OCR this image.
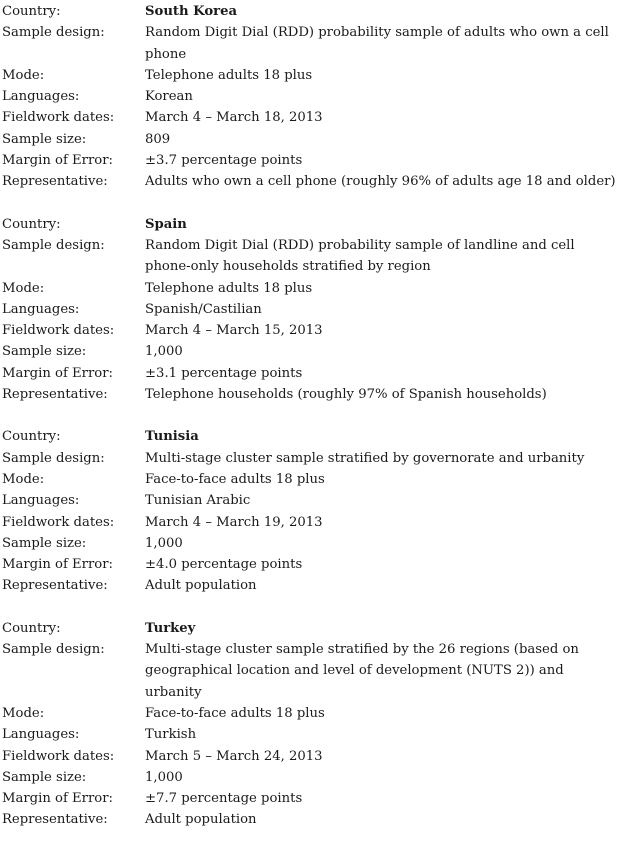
Country:	South Korea
Sample design:	Random Digit Dial (RDD) probability sample of adults who own a cell phone
Mode:	Telephone adults 18 plus
Languages:	Korean
Fieldwork dates:	March 4 – March 18, 2013
Sample size:	809
Margin of Error:	±3.7 percentage points
Representative:	Adults who own a cell phone (roughly 96% of adults age 18 and older)
Country:	Spain
Sample design:	Random Digit Dial (RDD) probability sample of landline and cell phone-only households stratified by region
Mode:	Telephone adults 18 plus
Languages:	Spanish/Castilian
Fieldwork dates:	March 4 – March 15, 2013
Sample size:	1,000
Margin of Error:	±3.1 percentage points
Representative:	Telephone households (roughly 97% of Spanish households)
Country:	Tunisia
Sample design:	Multi-stage cluster sample stratified by governorate and urbanity
Mode:	Face-to-face adults 18 plus
Languages:	Tunisian Arabic
Fieldwork dates:	March 4 – March 19, 2013
Sample size:	1,000
Margin of Error:	±4.0 percentage points
Representative:	Adult population
Country:	Turkey
Sample design:	Multi-stage cluster sample stratified by the 26 regions (based on geographical location and level of development (NUTS 2)) and urbanity
Mode:	Face-to-face adults 18 plus
Languages:	Turkish
Fieldwork dates:	March 5 – March 24, 2013
Sample size:	1,000
Margin of Error:	±7.7 percentage points
Representative:	Adult population
